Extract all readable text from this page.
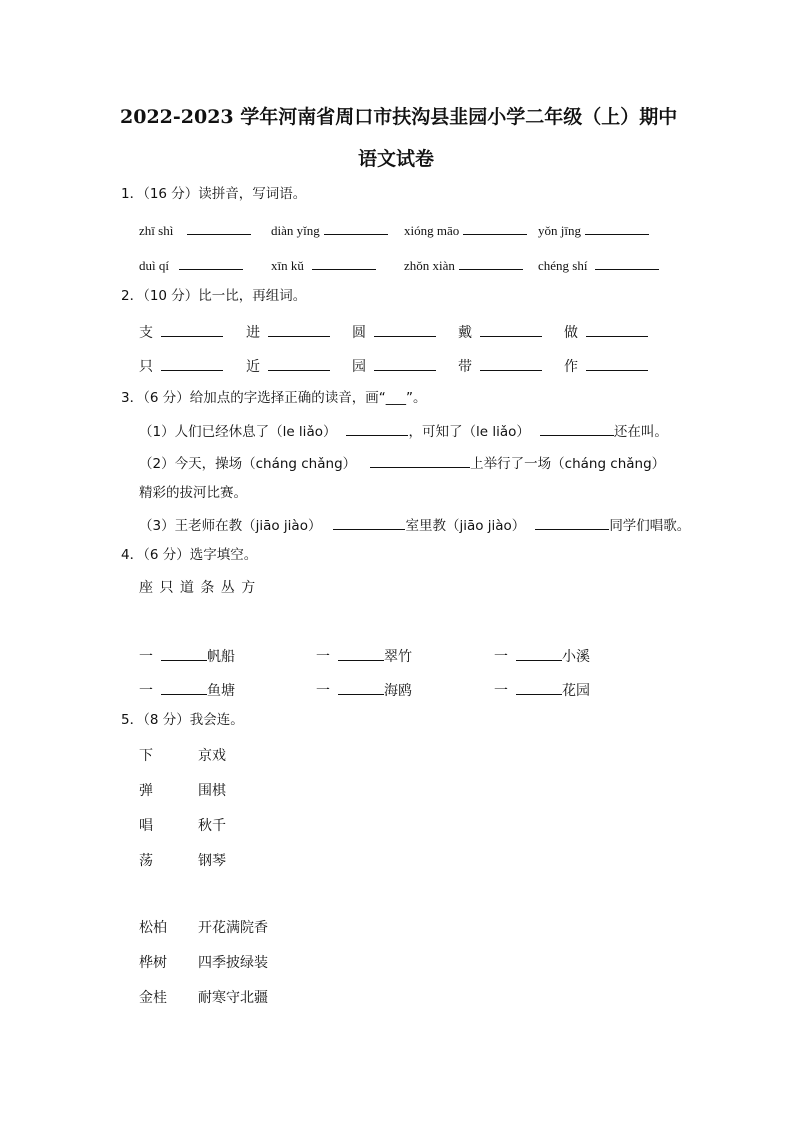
2022-2023 学年河南省周口市扶沟县韭园小学二年级（上）期中
语文试卷
1．（16 分）读拼音，写词语。
zhī shì	diàn yǐng	xióng māo	yǒn jīng
duì qí	xīn kǔ	zhǒn xiàn	chéng shí
2．（10 分）比一比，再组词。
支	进	圆	戴	做
只	近	园	带	作
3．（6 分）给加点的字选择正确的读音，画“___”。
（1）人们已经休息了（le liǎo）	，可知了（le liǎo）	还在叫。
（2）今天，操场（cháng chǎng）	上举行了一场（cháng chǎng）
精彩的拔河比赛。
（3）王老师在教（jiāo jiào）	室里教（jiāo jiào）	同学们唱歌。
4．（6 分）选字填空。
座 只 道 条 丛 方
一	帆船	一	翠竹	一	小溪
一	鱼塘	一	海鸥	一	花园
5．（8 分）我会连。
下	京戏
弹	围棋
唱	秋千
荡	钢琴
松柏 开花满院香
桦树 四季披绿装
金桂 耐寒守北疆
